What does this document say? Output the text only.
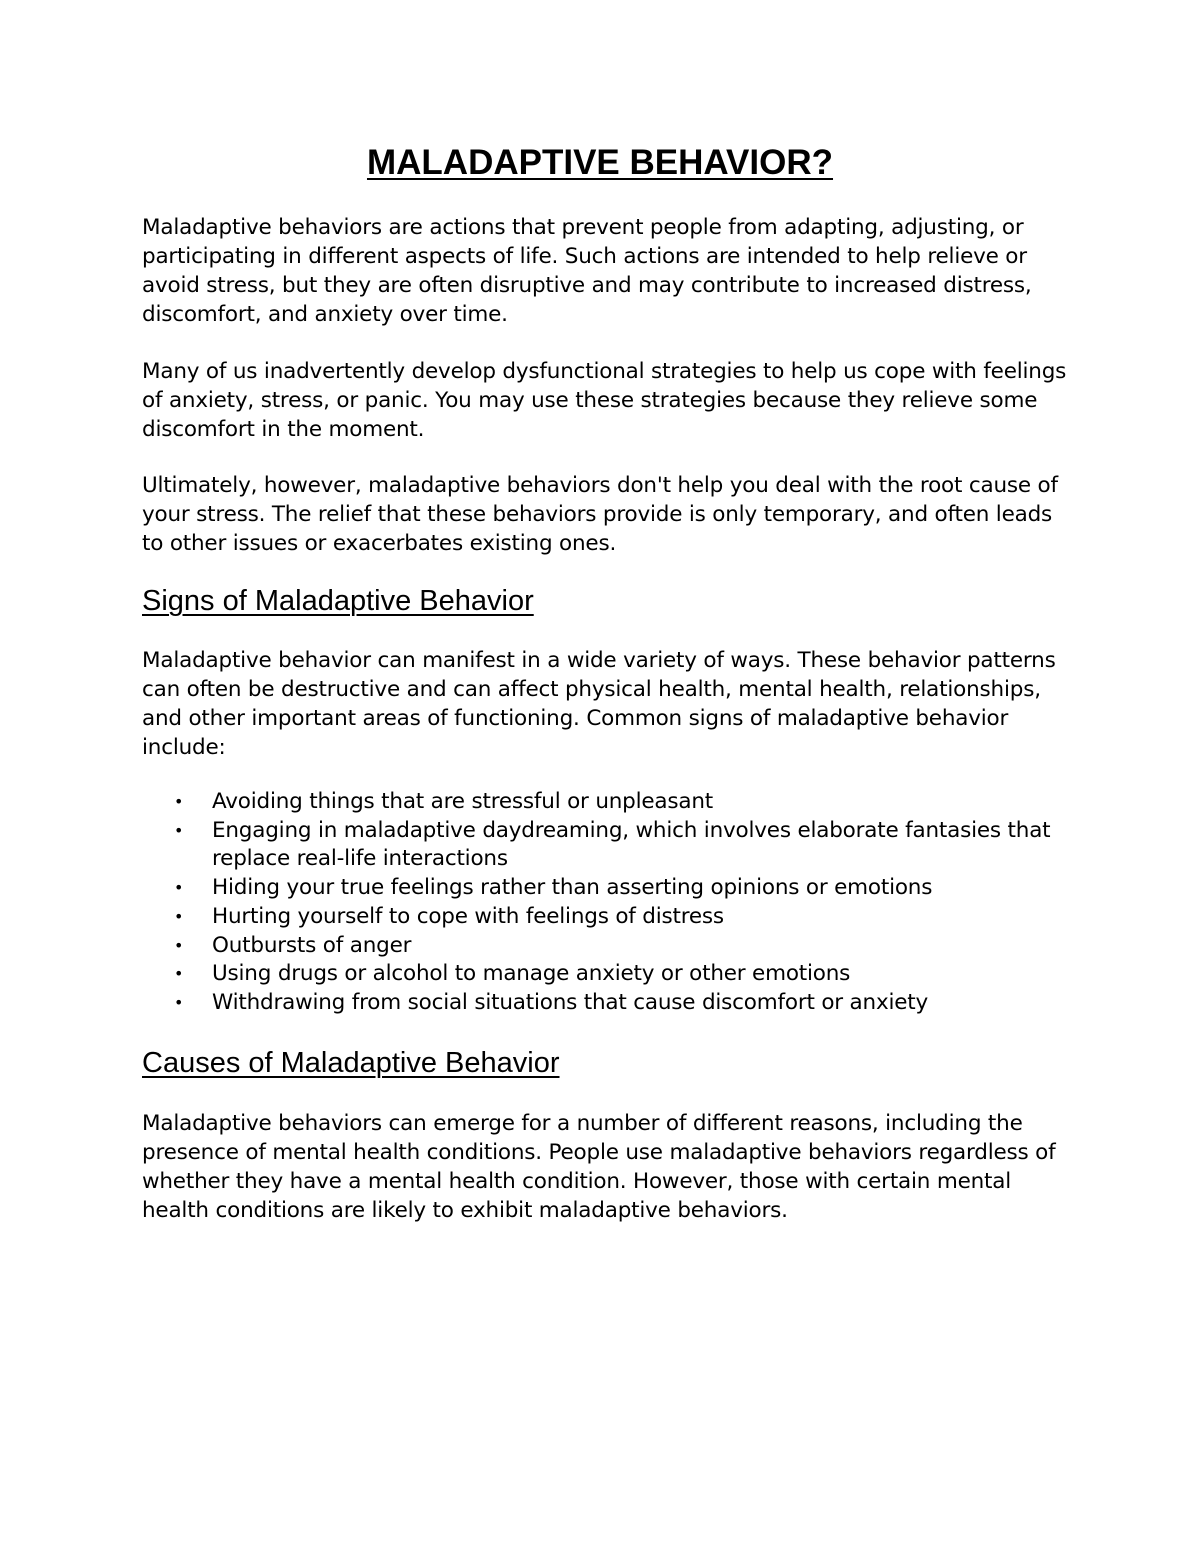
MALADAPTIVE BEHAVIOR?

Maladaptive behaviors are actions that prevent people from adapting, adjusting, or participating in different aspects of life. Such actions are intended to help relieve or avoid stress, but they are often disruptive and may contribute to increased distress, discomfort, and anxiety over time.

Many of us inadvertently develop dysfunctional strategies to help us cope with feelings of anxiety, stress, or panic. You may use these strategies because they relieve some discomfort in the moment.

Ultimately, however, maladaptive behaviors don't help you deal with the root cause of your stress. The relief that these behaviors provide is only temporary, and often leads to other issues or exacerbates existing ones.

Signs of Maladaptive Behavior

Maladaptive behavior can manifest in a wide variety of ways. These behavior patterns can often be destructive and can affect physical health, mental health, relationships, and other important areas of functioning. Common signs of maladaptive behavior include:

• Avoiding things that are stressful or unpleasant
• Engaging in maladaptive daydreaming, which involves elaborate fantasies that replace real-life interactions
• Hiding your true feelings rather than asserting opinions or emotions
• Hurting yourself to cope with feelings of distress
• Outbursts of anger
• Using drugs or alcohol to manage anxiety or other emotions
• Withdrawing from social situations that cause discomfort or anxiety
Causes of Maladaptive Behavior

Maladaptive behaviors can emerge for a number of different reasons, including the presence of mental health conditions. People use maladaptive behaviors regardless of whether they have a mental health condition. However, those with certain mental health conditions are likely to exhibit maladaptive behaviors.
